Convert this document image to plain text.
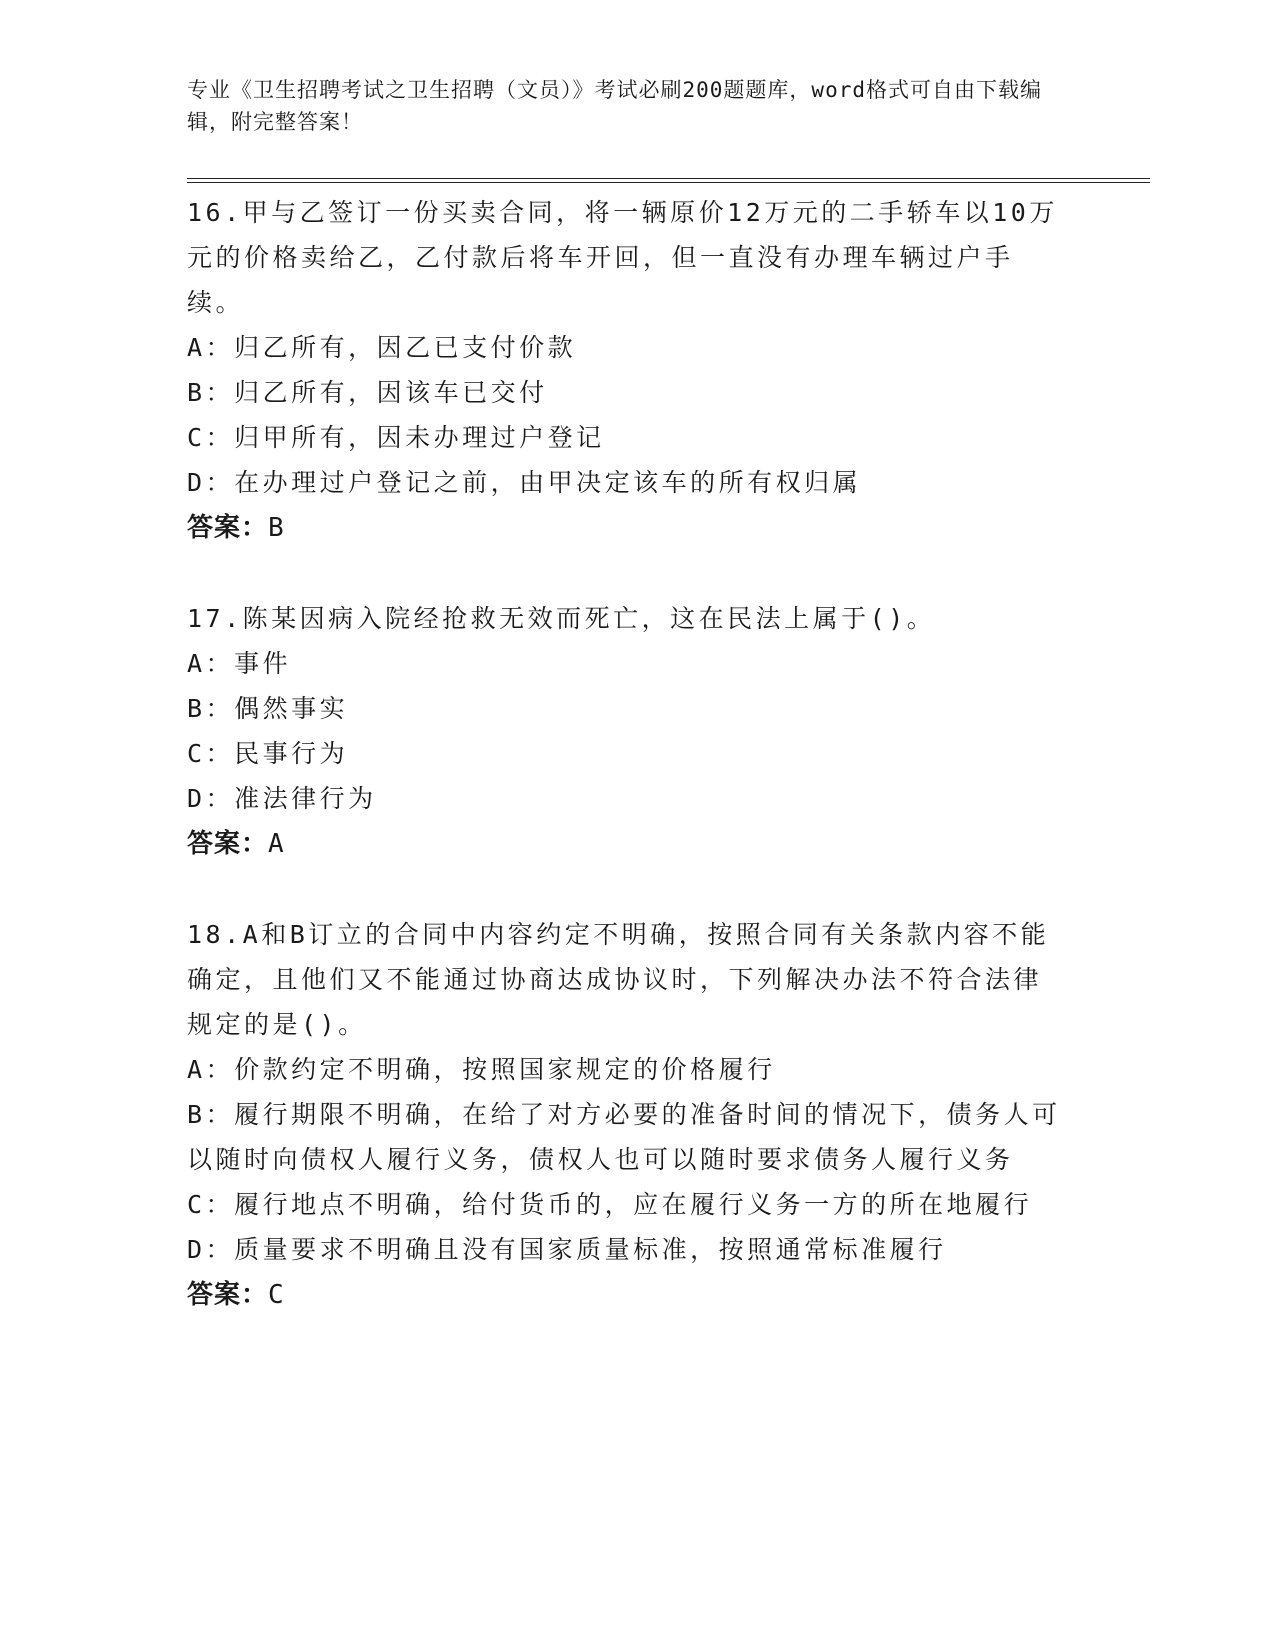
专业《卫生招聘考试之卫生招聘（文员）》考试必刷200题题库，word格式可自由下载编辑，附完整答案！
16.甲与乙签订一份买卖合同，将一辆原价12万元的二手轿车以10万元的价格卖给乙，乙付款后将车开回，但一直没有办理车辆过户手续。
A：归乙所有，因乙已支付价款
B：归乙所有，因该车已交付
C：归甲所有，因未办理过户登记
D：在办理过户登记之前，由甲决定该车的所有权归属
答案：B
17.陈某因病入院经抢救无效而死亡，这在民法上属于()。
A：事件
B：偶然事实
C：民事行为
D：准法律行为
答案：A
18.A和B订立的合同中内容约定不明确，按照合同有关条款内容不能确定，且他们又不能通过协商达成协议时，下列解决办法不符合法律规定的是()。
A：价款约定不明确，按照国家规定的价格履行
B：履行期限不明确，在给了对方必要的准备时间的情况下，债务人可以随时向债权人履行义务，债权人也可以随时要求债务人履行义务
C：履行地点不明确，给付货币的，应在履行义务一方的所在地履行
D：质量要求不明确且没有国家质量标准，按照通常标准履行
答案：C
